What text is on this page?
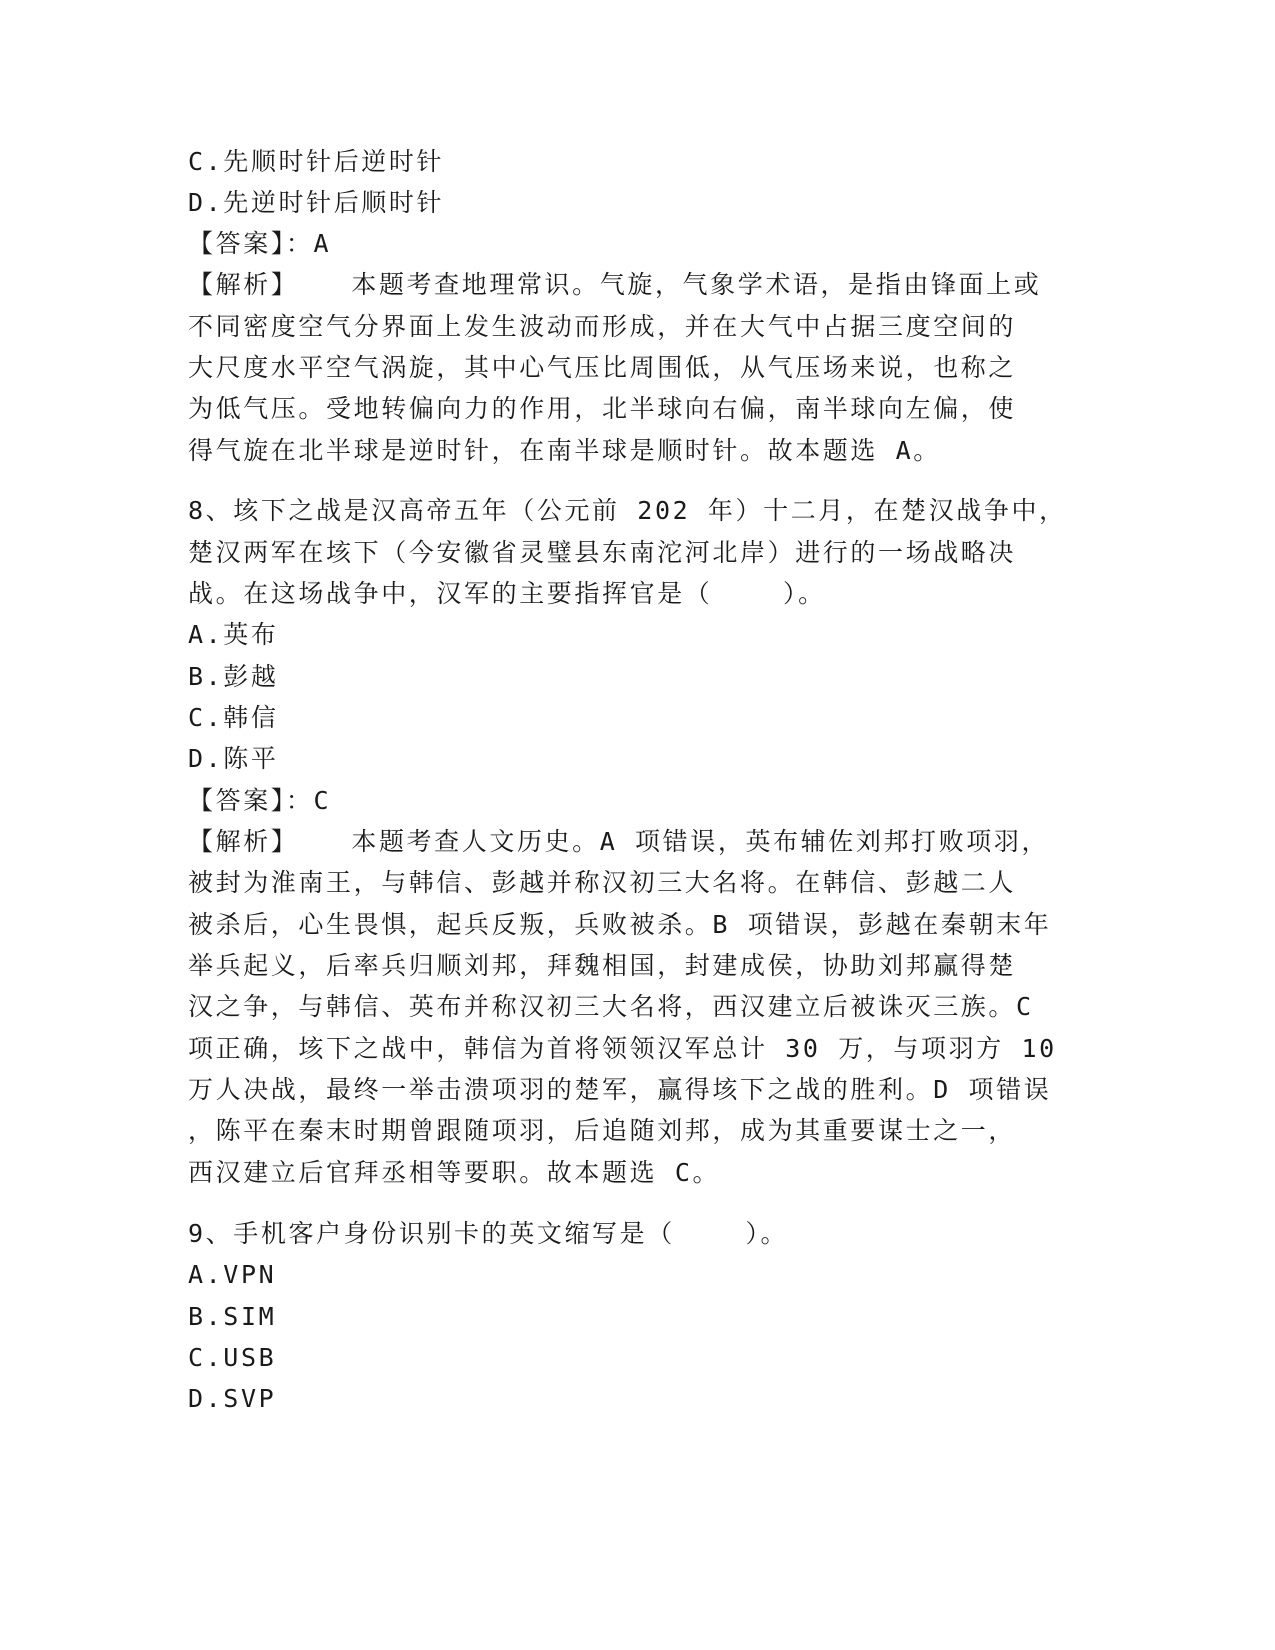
C.先顺时针后逆时针
D.先逆时针后顺时针
【答案】：A
【解析】   本题考查地理常识。气旋，气象学术语，是指由锋面上或
不同密度空气分界面上发生波动而形成，并在大气中占据三度空间的
大尺度水平空气涡旋，其中心气压比周围低，从气压场来说，也称之
为低气压。受地转偏向力的作用，北半球向右偏，南半球向左偏，使
得气旋在北半球是逆时针，在南半球是顺时针。故本题选 A。
8、垓下之战是汉高帝五年（公元前 202 年）十二月，在楚汉战争中，
楚汉两军在垓下（今安徽省灵璧县东南沱河北岸）进行的一场战略决
战。在这场战争中，汉军的主要指挥官是（    ）。
A.英布
B.彭越
C.韩信
D.陈平
【答案】：C
【解析】   本题考查人文历史。A 项错误，英布辅佐刘邦打败项羽，
被封为淮南王，与韩信、彭越并称汉初三大名将。在韩信、彭越二人
被杀后，心生畏惧，起兵反叛，兵败被杀。B 项错误，彭越在秦朝末年
举兵起义，后率兵归顺刘邦，拜魏相国，封建成侯，协助刘邦赢得楚
汉之争，与韩信、英布并称汉初三大名将，西汉建立后被诛灭三族。C
项正确，垓下之战中，韩信为首将领领汉军总计 30 万，与项羽方 10
万人决战，最终一举击溃项羽的楚军，赢得垓下之战的胜利。D 项错误
，陈平在秦末时期曾跟随项羽，后追随刘邦，成为其重要谋士之一，
西汉建立后官拜丞相等要职。故本题选 C。
9、手机客户身份识别卡的英文缩写是（    ）。
A.VPN
B.SIM
C.USB
D.SVP
